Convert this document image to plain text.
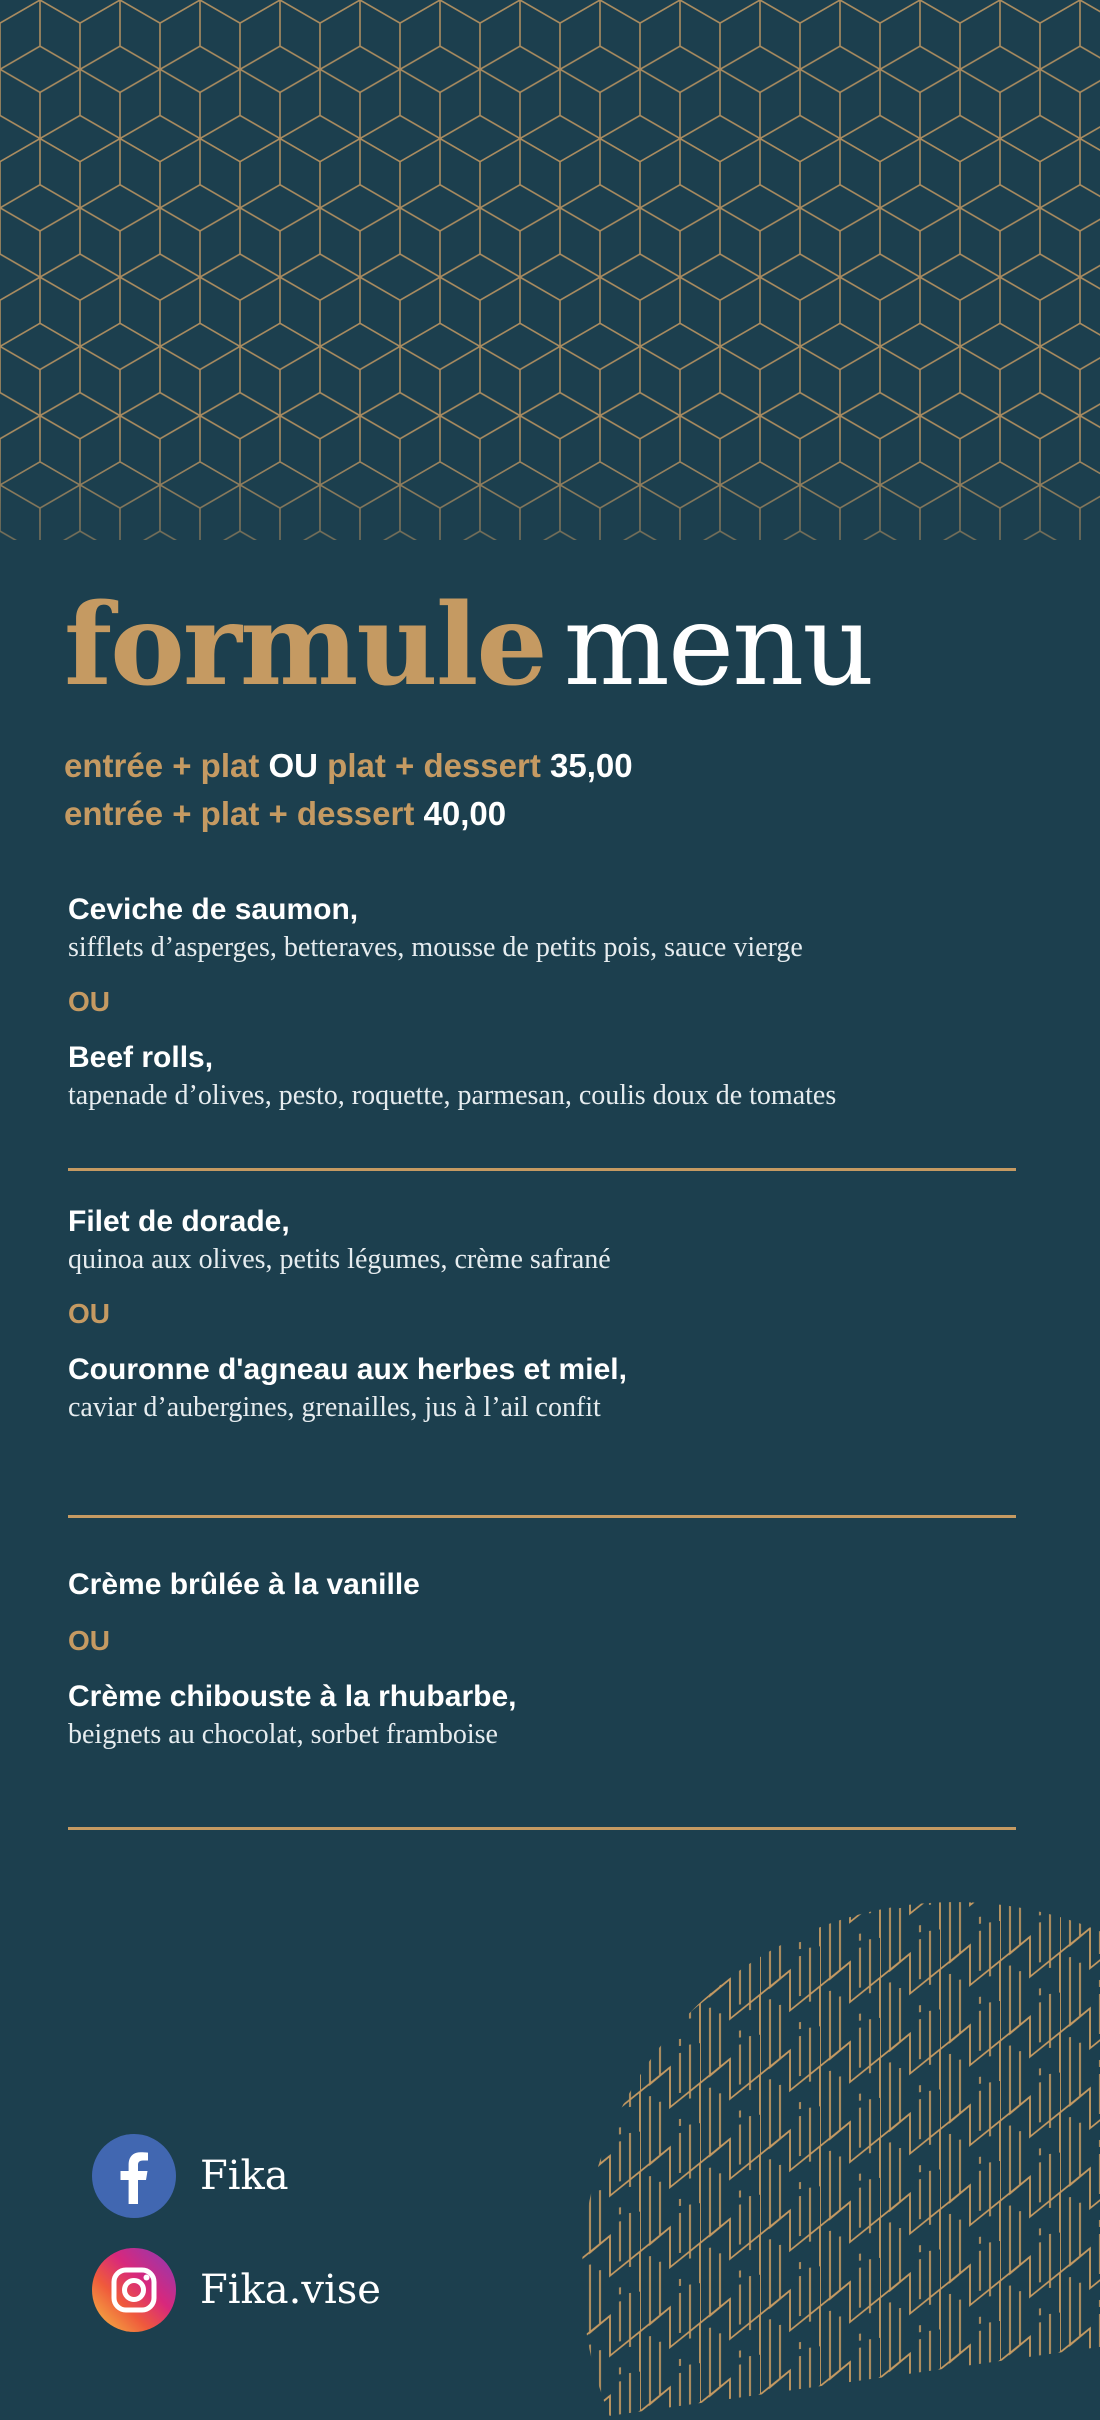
formule menu
entrée + plat OU plat + dessert 35,00
entrée + plat + dessert 40,00
Ceviche de saumon,
sifflets d’asperges, betteraves, mousse de petits pois, sauce vierge
OU
Beef rolls,
tapenade d’olives, pesto, roquette, parmesan, coulis doux de tomates
Filet de dorade,
quinoa aux olives, petits légumes, crème safrané
OU
Couronne d'agneau aux herbes et miel,
caviar d’aubergines, grenailles, jus à l’ail confit
Crème brûlée à la vanille
OU
Crème chibouste à la rhubarbe,
beignets au chocolat, sorbet framboise
Fika
Fika.vise
